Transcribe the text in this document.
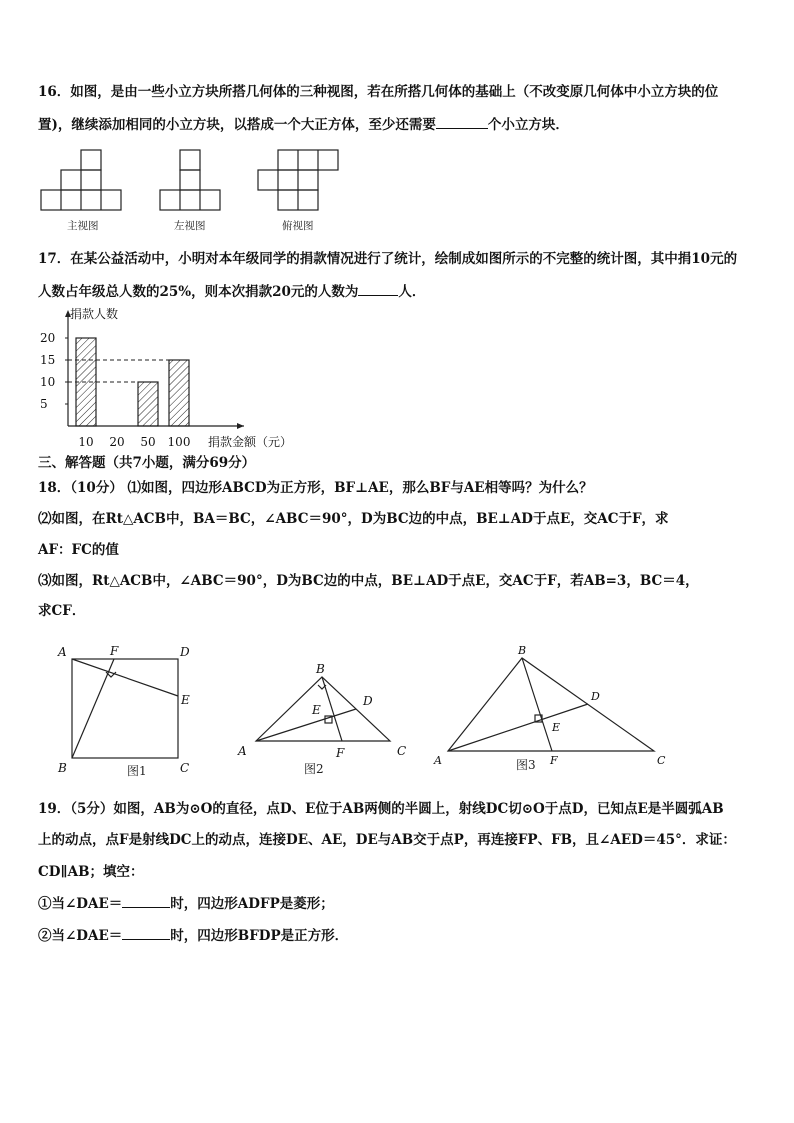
16．如图，是由一些小立方块所搭几何体的三种视图，若在所搭几何体的基础上（不改变原几何体中小立方块的位
置)，继续添加相同的小立方块，以搭成一个大正方体，至少还需要	个小立方块．
主视图	左视图	俯视图
17．在某公益活动中，小明对本年级同学的捐款情况进行了统计，绘制成如图所示的不完整的统计图，其中捐10元的
人数占年级总人数的25%，则本次捐款20元的人数为	人．
捐款人数
捐款金额（元）
5
10
15
20
10 20 50 100
三、解答题（共7小题，满分69分）
18．（10分） ⑴如图，四边形ABCD为正方形，BF⊥AE，那么BF与AE相等吗？为什么？
⑵如图，在Rt△ACB中，BA＝BC，∠ABC＝90°，D为BC边的中点，BE⊥AD于点E，交AC于F，求
AF：FC的值
⑶如图，Rt△ACB中，∠ABC＝90°，D为BC边的中点，BE⊥AD于点E，交AC于F，若AB=3，BC＝4，
求CF．
A	F	D
E
B	C
图1
B
D
E
A	F	C
图2
B
D
E
A	F	C
图3
19．（5分）如图，AB为⊙O的直径，点D、E位于AB两侧的半圆上，射线DC切⊙O于点D，已知点E是半圆弧AB
上的动点，点F是射线DC上的动点，连接DE、AE，DE与AB交于点P，再连接FP、FB，且∠AED＝45°．求证：
CD∥AB；填空：
①当∠DAE＝	时，四边形ADFP是菱形；
②当∠DAE＝	时，四边形BFDP是正方形．
